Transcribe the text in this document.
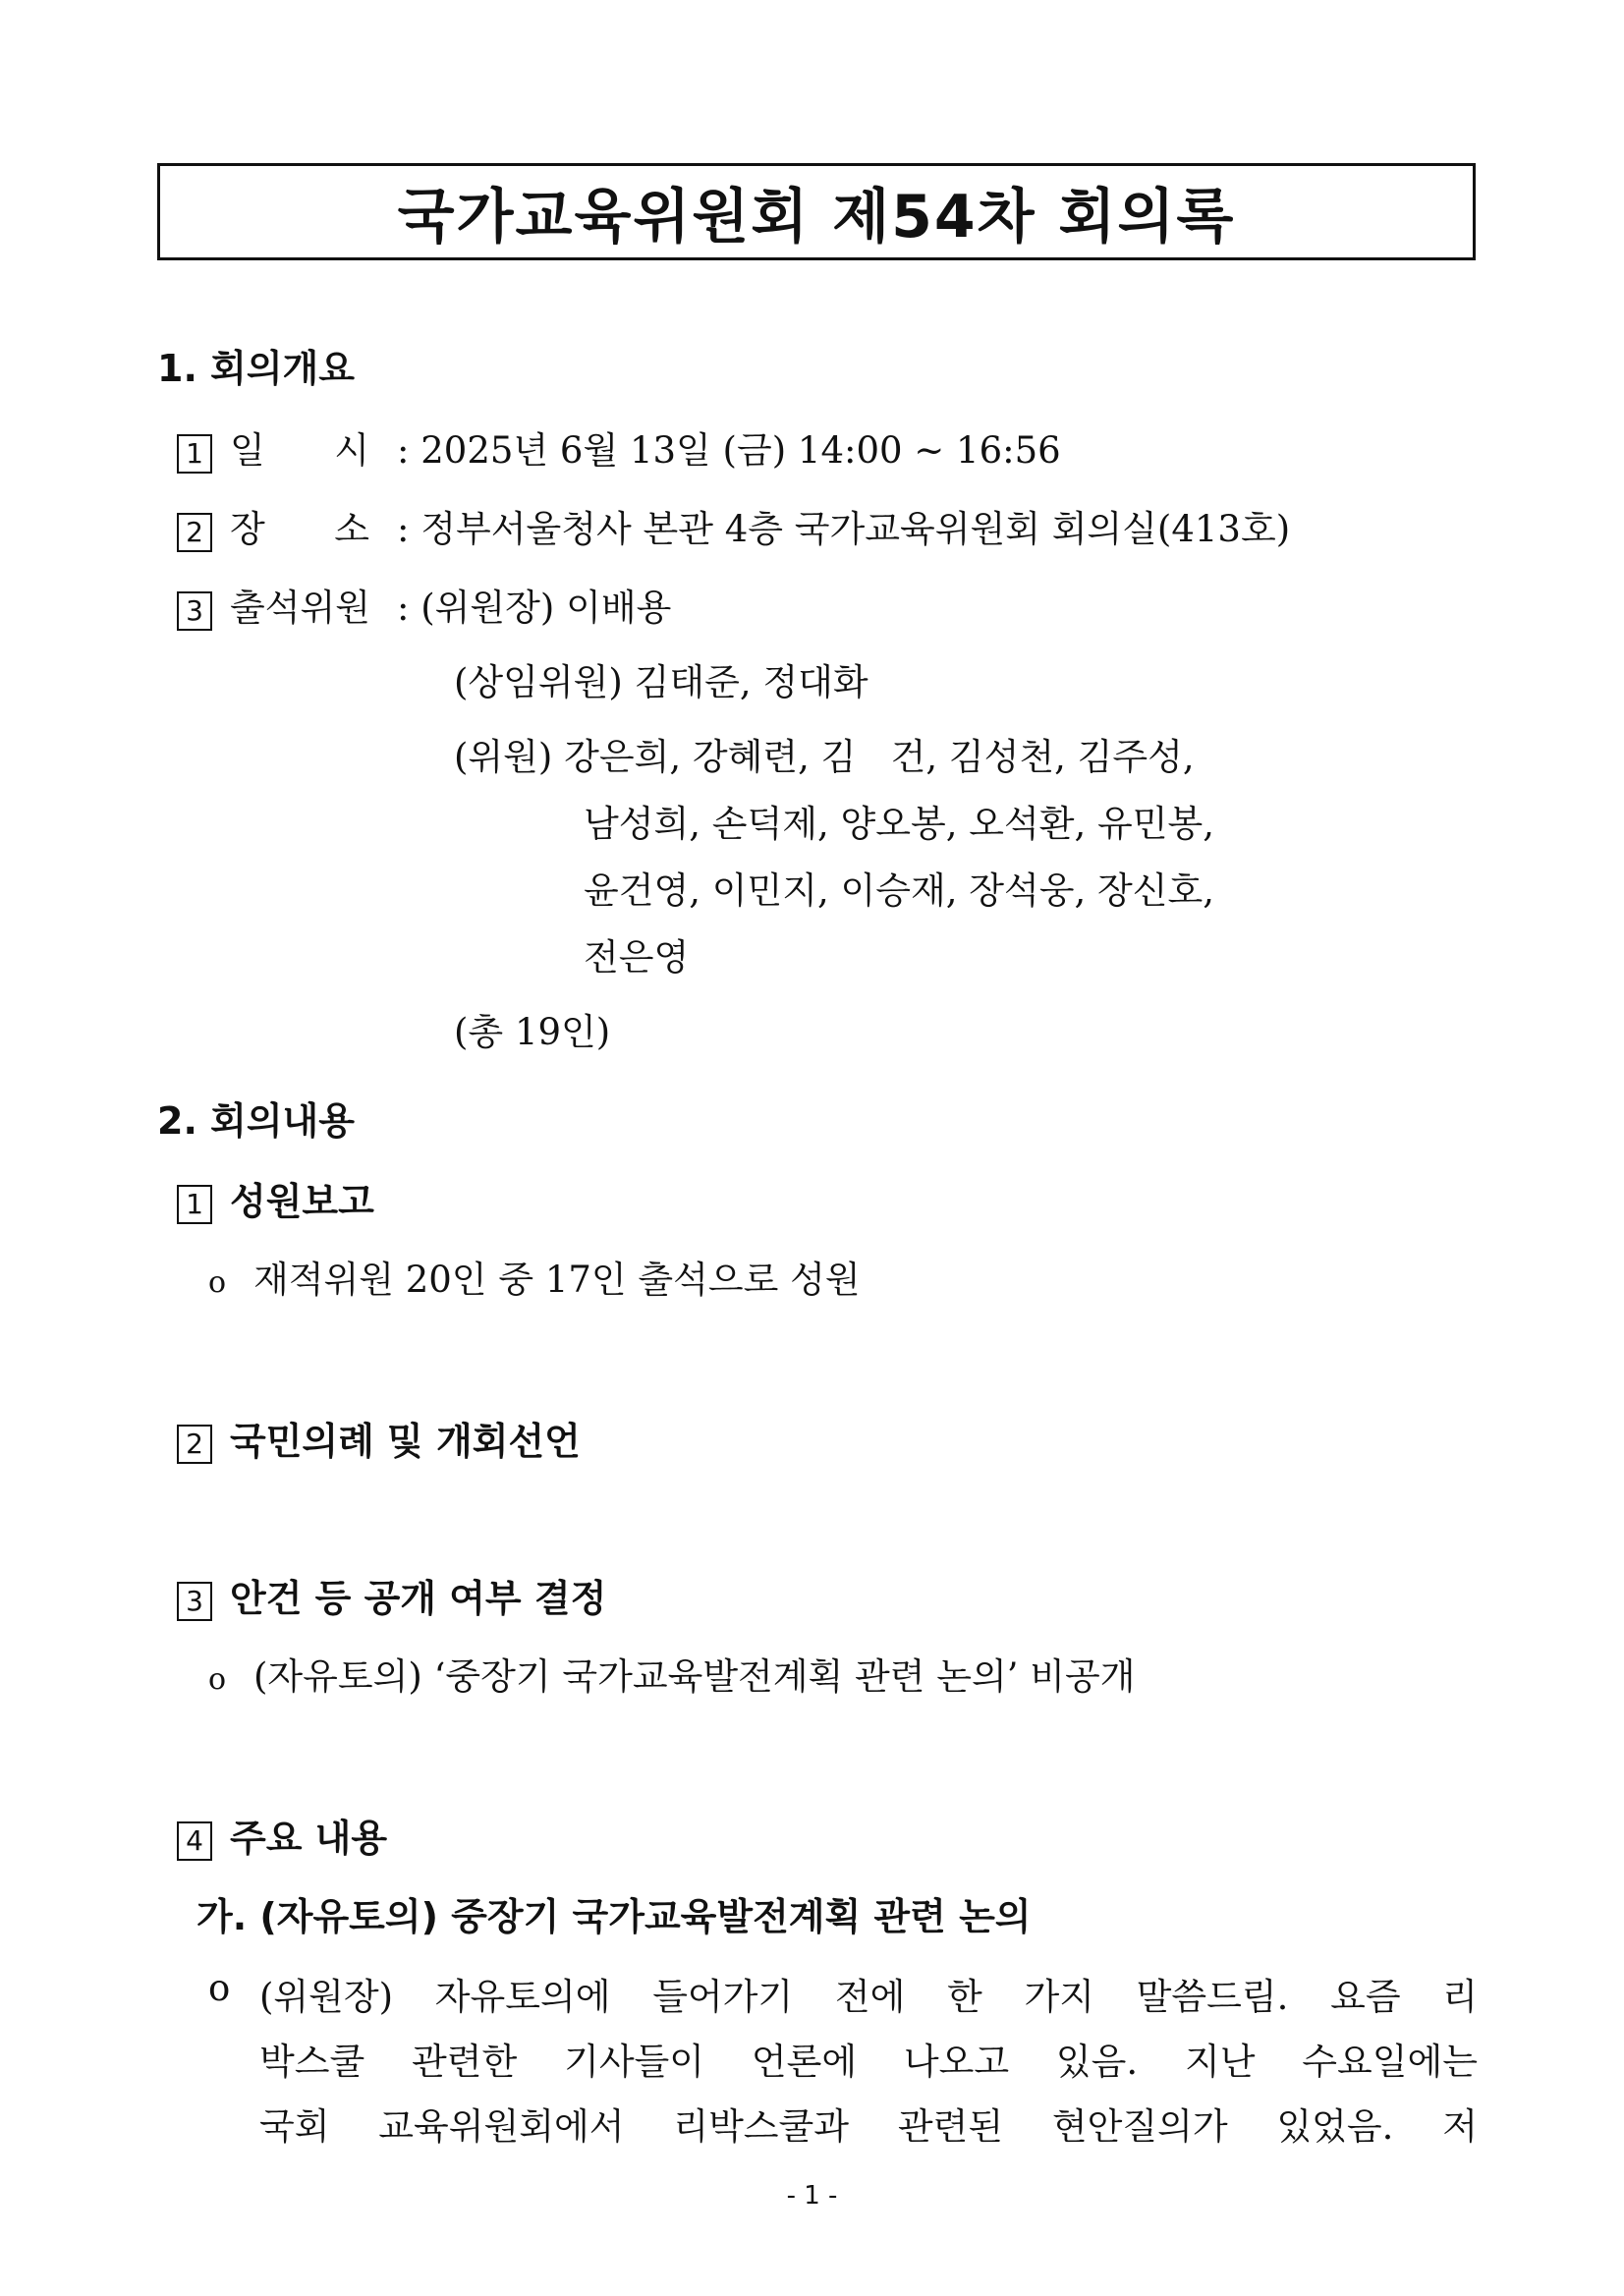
국가교육위원회 제54차 회의록
1. 회의개요
1 일      시 : 2025년 6월 13일 (금) 14:00 ~ 16:56
2 장      소 : 정부서울청사 본관 4층 국가교육위원회 회의실(413호)
3 출석위원 : (위원장) 이배용
(상임위원) 김태준, 정대화
(위원) 강은희, 강혜련, 김   건, 김성천, 김주성,
남성희, 손덕제, 양오봉, 오석환, 유민봉,
윤건영, 이민지, 이승재, 장석웅, 장신호,
전은영
(총 19인)
2. 회의내용
1 성원보고
o 재적위원 20인 중 17인 출석으로 성원
2 국민의례 및 개회선언
3 안건 등 공개 여부 결정
o (자유토의) ‘중장기 국가교육발전계획 관련 논의’ 비공개
4 주요 내용
가. (자유토의) 중장기 국가교육발전계획 관련 논의
o (위원장) 자유토의에 들어가기 전에 한 가지 말씀드림. 요즘 리
박스쿨 관련한 기사들이 언론에 나오고 있음. 지난 수요일에는
국회 교육위원회에서 리박스쿨과 관련된 현안질의가 있었음. 저
- 1 -
